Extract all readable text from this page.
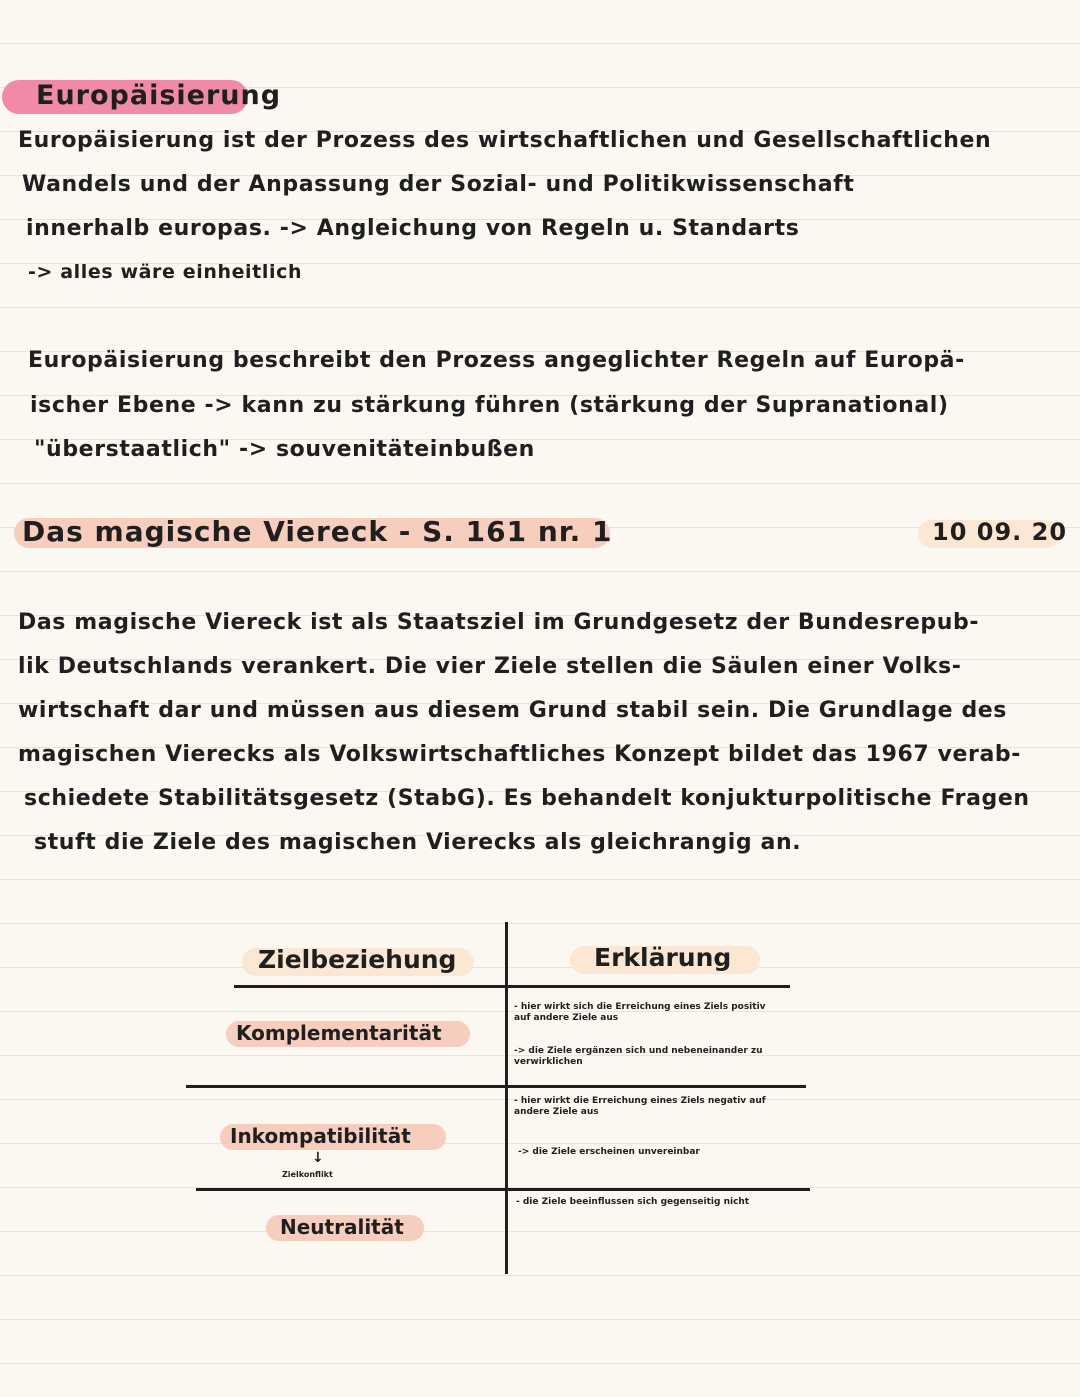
Europäisierung
Europäisierung ist der Prozess des wirtschaftlichen und Gesellschaftlichen
Wandels und der Anpassung der Sozial- und Politikwissenschaft
innerhalb europas. -> Angleichung von Regeln u. Standarts
-> alles wäre einheitlich
Europäisierung beschreibt den Prozess angeglichter Regeln auf Europä-
ischer Ebene -> kann zu stärkung führen (stärkung der Supranational)
"überstaatlich" -> souvenitäteinbußen
Das magische Viereck - S. 161 nr. 1	10 09. 20
Das magische Viereck ist als Staatsziel im Grundgesetz der Bundesrepub-
lik Deutschlands verankert. Die vier Ziele stellen die Säulen einer Volks-
wirtschaft dar und müssen aus diesem Grund stabil sein. Die Grundlage des
magischen Vierecks als Volkswirtschaftliches Konzept bildet das 1967 verab-
schiedete Stabilitätsgesetz (StabG). Es behandelt konjukturpolitische Fragen
stuft die Ziele des magischen Vierecks als gleichrangig an.
Zielbeziehung	Erklärung
Komplementarität
- hier wirkt sich die Erreichung eines Ziels positiv auf andere Ziele aus
-> die Ziele ergänzen sich und nebeneinander zu verwirklichen
Inkompatibilität
↓
Zielkonflikt
- hier wirkt die Erreichung eines Ziels negativ auf andere Ziele aus
-> die Ziele erscheinen unvereinbar
Neutralität
- die Ziele beeinflussen sich gegenseitig nicht
